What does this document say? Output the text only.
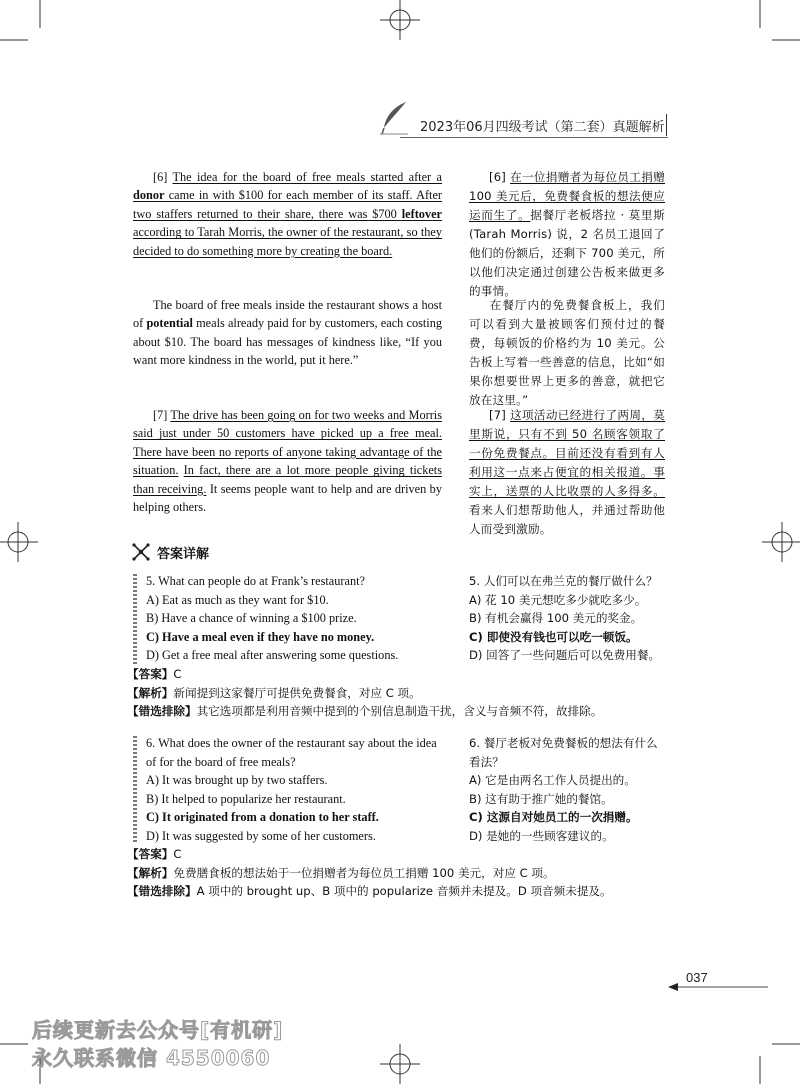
2023年06月四级考试（第二套）真题解析
[6] The idea for the board of free meals started after a donor came in with $100 for each member of its staff. After two staffers returned to their share, there was $700 leftover according to Tarah Morris, the owner of the restaurant, so they decided to do something more by creating the board.
The board of free meals inside the restaurant shows a host of potential meals already paid for by customers, each costing about $10. The board has messages of kindness like, “If you want more kindness in the world, put it here.”
[7] The drive has been going on for two weeks and Morris said just under 50 customers have picked up a free meal. There have been no reports of anyone taking advantage of the situation. In fact, there are a lot more people giving tickets than receiving. It seems people want to help and are driven by helping others.
[6] 在一位捐赠者为每位员工捐赠 100 美元后，免费餐食板的想法便应运而生了。据餐厅老板塔拉 · 莫里斯 (Tarah Morris) 说，2 名员工退回了他们的份额后，还剩下 700 美元，所以他们决定通过创建公告板来做更多的事情。
在餐厅内的免费餐食板上，我们可以看到大量被顾客们预付过的餐费，每顿饭的价格约为 10 美元。公告板上写着一些善意的信息，比如“如果你想要世界上更多的善意，就把它放在这里。”
[7] 这项活动已经进行了两周，莫里斯说，只有不到 50 名顾客领取了一份免费餐点。目前还没有看到有人利用这一点来占便宜的相关报道。事实上，送票的人比收票的人多得多。看来人们想帮助他人，并通过帮助他人而受到激励。
答案详解
5. What can people do at Frank’s restaurant?
A) Eat as much as they want for $10.
B) Have a chance of winning a $100 prize.
C) Have a meal even if they have no money.
D) Get a free meal after answering some questions.
5. 人们可以在弗兰克的餐厅做什么？
A) 花 10 美元想吃多少就吃多少。
B) 有机会赢得 100 美元的奖金。
C) 即使没有钱也可以吃一顿饭。
D) 回答了一些问题后可以免费用餐。
【答案】C
【解析】新闻提到这家餐厅可提供免费餐食，对应 C 项。
【错选排除】其它选项都是利用音频中提到的个别信息制造干扰，含义与音频不符，故排除。
6. What does the owner of the restaurant say about the idea
of for the board of free meals?
A) It was brought up by two staffers.
B) It helped to popularize her restaurant.
C) It originated from a donation to her staff.
D) It was suggested by some of her customers.
6. 餐厅老板对免费餐板的想法有什么
看法？
A) 它是由两名工作人员提出的。
B) 这有助于推广她的餐馆。
C) 这源自对她员工的一次捐赠。
D) 是她的一些顾客建议的。
【答案】C
【解析】免费膳食板的想法始于一位捐赠者为每位员工捐赠 100 美元，对应 C 项。
【错选排除】A 项中的 brought up、B 项中的 popularize 音频并未提及。D 项音频未提及。
037
后续更新去公众号[有机研]
永久联系微信 4550060
